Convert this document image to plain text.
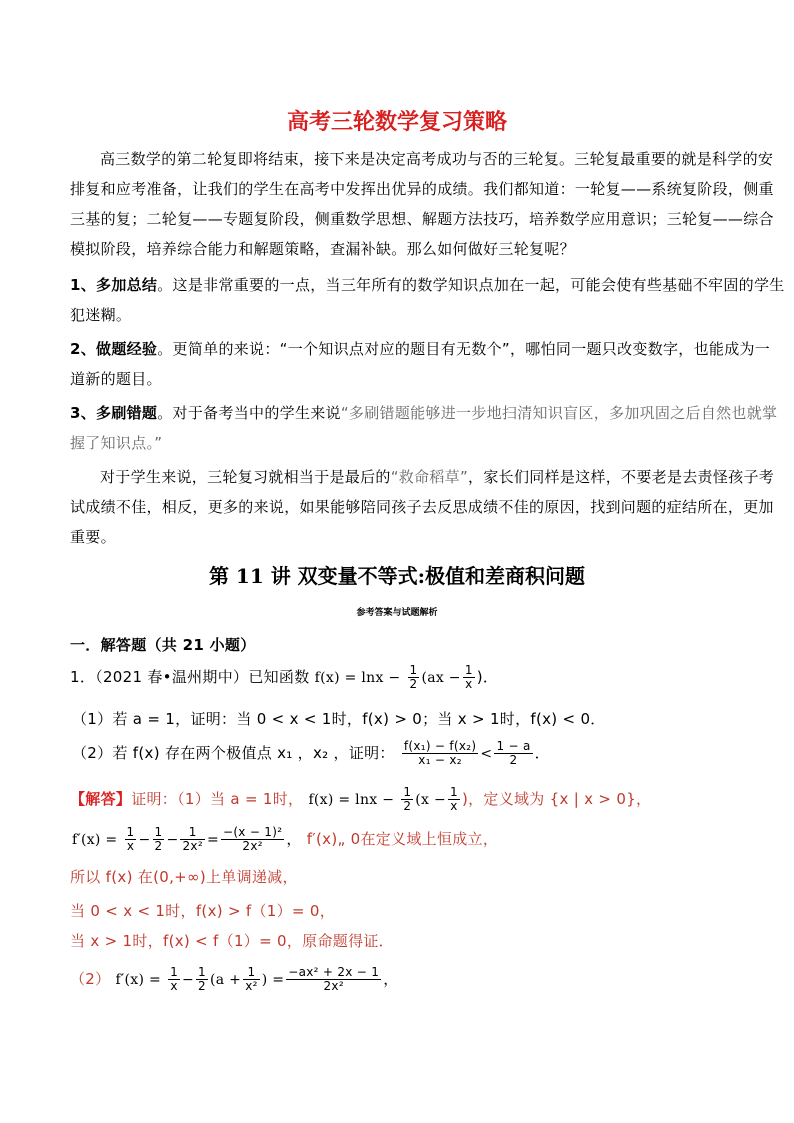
高考三轮数学复习策略
高三数学的第二轮复即将结束，接下来是决定高考成功与否的三轮复。三轮复最重要的就是科学的安
排复和应考准备，让我们的学生在高考中发挥出优异的成绩。我们都知道：一轮复——系统复阶段，侧重
三基的复；二轮复——专题复阶段，侧重数学思想、解题方法技巧，培养数学应用意识；三轮复——综合
模拟阶段，培养综合能力和解题策略，查漏补缺。那么如何做好三轮复呢？
1、多加总结。这是非常重要的一点，当三年所有的数学知识点加在一起，可能会使有些基础不牢固的学生
犯迷糊。
2、做题经验。更简单的来说：“一个知识点对应的题目有无数个”，哪怕同一题只改变数字，也能成为一
道新的题目。
3、多刷错题。对于备考当中的学生来说“多刷错题能够进一步地扫清知识盲区，多加巩固之后自然也就掌
握了知识点。”
对于学生来说，三轮复习就相当于是最后的“救命稻草”，家长们同样是这样，不要老是去责怪孩子考
试成绩不佳，相反，更多的来说，如果能够陪同孩子去反思成绩不佳的原因，找到问题的症结所在，更加
重要。
第 11 讲 双变量不等式:极值和差商积问题
参考答案与试题解析
一．解答题（共 21 小题）
1．（2021 春•温州期中）已知函数 $f(x) = \ln x - \frac{1}{2} (ax - \frac{1}{x}$ )．
（1）若 a = 1，证明：当 0 < x < 1时，f(x) > 0；当 x > 1时，f(x) < 0．
（2）若 f(x) 存在两个极值点 x₁ ，x₂ ，证明： $\frac{\text{f(x₁) − f(x₂)}}{\text{x₁ − x₂}} < \frac{1 - a}{2}$ ．
【解答】证明：（1）当 a = 1时， $f(x) = \ln x - \frac{1}{2} (x - \frac{1}{x}$ )，定义域为 {x | x > 0}，
$f'(x) = \frac{1}{x} - \frac{1}{2} - \frac{1}{\text{2x²}} = \frac{\text{−(x − 1)²}}{\text{2x²}}$ ， f′(x)„ 0在定义域上恒成立，
所以 f(x) 在(0,+∞)上单调递减，
当 0 < x < 1时，f(x) > f（1）= 0，
当 x > 1时，f(x) < f（1）= 0，原命题得证．
（2） $f'(x) = \frac{1}{x} - \frac{1}{2} (a + \frac{1}{\text{x²}}$ ) = $\frac{\text{−ax² + 2x − 1}}{\text{2x²}}$ ，
